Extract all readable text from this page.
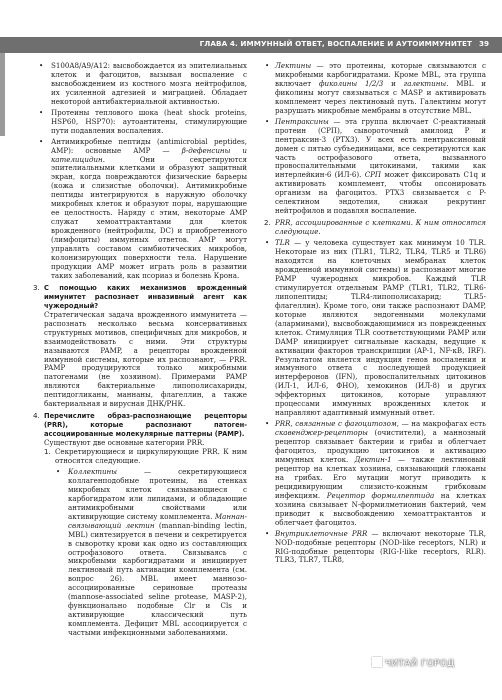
ГЛАВА 4. ИММУННЫЙ ОТВЕТ, ВОСПАЛЕНИЕ И АУТОИММУНИТЕТ 39
• S100A8/A9/A12: высвобождается из эпителиальных клеток и фагоцитов, вызывая воспаление с высвобождением из костного мозга нейтрофилов, их усиленной адгезией и миграцией. Обладает некоторой антибактериальной активностью.
• Протеины теплового шока (heat shock proteins, HSP60, HSP70): аутоантитены, стимулирующие пути подавления воспаления.
• Антимикробные пептиды (antimicrobial peptides, AMP): основные AMP — β-дефенсины и кателицидин. Они секретируются эпителиальными клетками и образуют защитный экран, когда повреждаются физические барьеры (кожа и слизистые оболочки). Антимикробные пептиды интегрируются в наружную оболочку микробных клеток и образуют поры, нарушающие ее целостность. Наряду с этим, некоторые AMP служат хемоаттрактантами для клеток врожденного (нейтрофилы, DC) и приобретенного (лимфоциты) иммунных ответов. AMP могут управлять составом симбиотических микробов, колонизирующих поверхности тела. Нарушение продукции AMP может играть роль в развитии таких заболеваний, как псориаз и болезнь Крона.
3. С помощью каких механизмов врожденный иммунитет распознает инвазивный агент как чужеродный?

Стратегическая задача врожденного иммунитета — распознать несколько весьма консервативных структурных мотивов, специфичных для микробов, и взаимодействовать с ними. Эти структуры называются PAMP, а рецепторы врожденной иммунной системы, которые их распознают, — PRR. PAMP продуцируются только микробными патогенами (не хозяином). Примерами PAMP являются бактериальные липополисахариды, пептидогликаны, маннаны, флагеллин, а также бактериальная и вирусная ДНК/РНК.

4. Перечислите образ-распознающие рецепторы (PRR), которые распознают патоген-ассоциированные молекулярные паттерны (PAMP).

Существуют две основные категории PRR.

1. Секретирующиеся и циркулирующие PRR. К ним относятся следующие.
• Коллектины — секретирующиеся коллагенподобные протеины, на стенках микробных клеток связывающиеся с карбогидратом или липидами, и обладающие антимикробными свойствами или активирующие систему комплемента. Маннан-связывающий лектин (mannan-binding lectin, MBL) синтезируется в печени и секретируется в сыворотку крови как одно из составляющих острофазового ответа. Связываясь с микробными карбогидратами и инициирует лектиновый путь активации комплемента (см. вопрос 26). MBL имеет маннозо-ассоциированные сериновые протеазы (mannose-associated seline protease, MASP-2), функционально подобные Clr и Cls и активирующие классический путь комплемента. Дефицит MBL ассоциируется с частыми инфекционными заболеваниями.
• Лектины — это протеины, которые связываются с микробными карбогидратами. Кроме MBL, эта группа включает фиколины 1/2/3 и галектины. MBL и фиколины могут связываться с MASP и активировать комплемент через лектиновый путь. Галектины могут разрушать микробные мембраны в отсутствие MBL.
• Пентраксины — эта группа включает C-реактивный протеин (СРП), сывороточный амилоид P и пентраксин-3 (PTX3). У всех есть пентраксиновый домен с пятью субъединицами, все секретируются как часть острофазового ответа, вызванного провоспалительными цитокинами, такими как интерлейкин-6 (ИЛ-6). СРП может фиксировать C1q и активировать комплемент, чтобы опсонировать организм на фагоцитоз. PTX3 связывается с P-селектином эндотелия, снижая рекрутинг нейтрофилов и подавляя воспаление.
2. PRR, ассоциированные с клетками. К ним относятся следующие.
• TLR — у человека существует как минимум 10 TLR. Некоторые из них (TLR1, TLR2, TLR4, TLR5 и TLR6) находятся на клеточных мембранах клеток врожденной иммунной системы) и распознают многие PAMP чужеродных микробов. Каждый TLR стимулируется отдельным PAMP (TLR1, TLR2, TLR6-липопептиды; TLR4-липополисахарид; TLR5-флагеллин). Кроме того, они также распознают DAMP, которые являются эндогенными молекулами (аларминами), высвобождающимися из поврежденных клеток. Стимуляция TLR соответствующими PAMP или DAMP инициирует сигнальные каскады, ведущие к активации факторов транскрипции (AP-1, NF-κB, IRF). Результатом является индукция генов воспаления и иммунного ответа с последующей продукцией интерферонов (IFN), провоспалительных цитокинов (ИЛ-1, ИЛ-6, ФНО), хемокинов (ИЛ-8) и других эффекторных цитокинов, которые управляют процессами иммунных врожденных клеток и направляют адаптивный иммунный ответ.
• PRR, связанные с фагоцитозом, — на макрофагах есть скавенджер-рецепторы (очистители), а маннозный рецептор связывает бактерии и грибы и облегчает фагоцитоз, продукцию цитокинов и активацию иммунных клеток. Дектин-1 — также лектиновый рецептор на клетках хозяина, связывающий глюканы на грибах. Его мутации могут приводить к рецидивирующим слизисто-кожным грибковым инфекциям. Рецептор формилпептида на клетках хозяина связывает N-формилметионин бактерий, чем приводит к высвобождению хемоаттрактантов и облегчает фагоцитоз.
• Внутриклеточные PRR — включают некоторые TLR, NOD-подобные рецепторы (NOD-like receptors, NLR) и RIG-подобные рецепторы (RIG-I-like receptors, RLR). TLR3, TLR7, TLR8,
ЧИТАЙ ГОРОД
